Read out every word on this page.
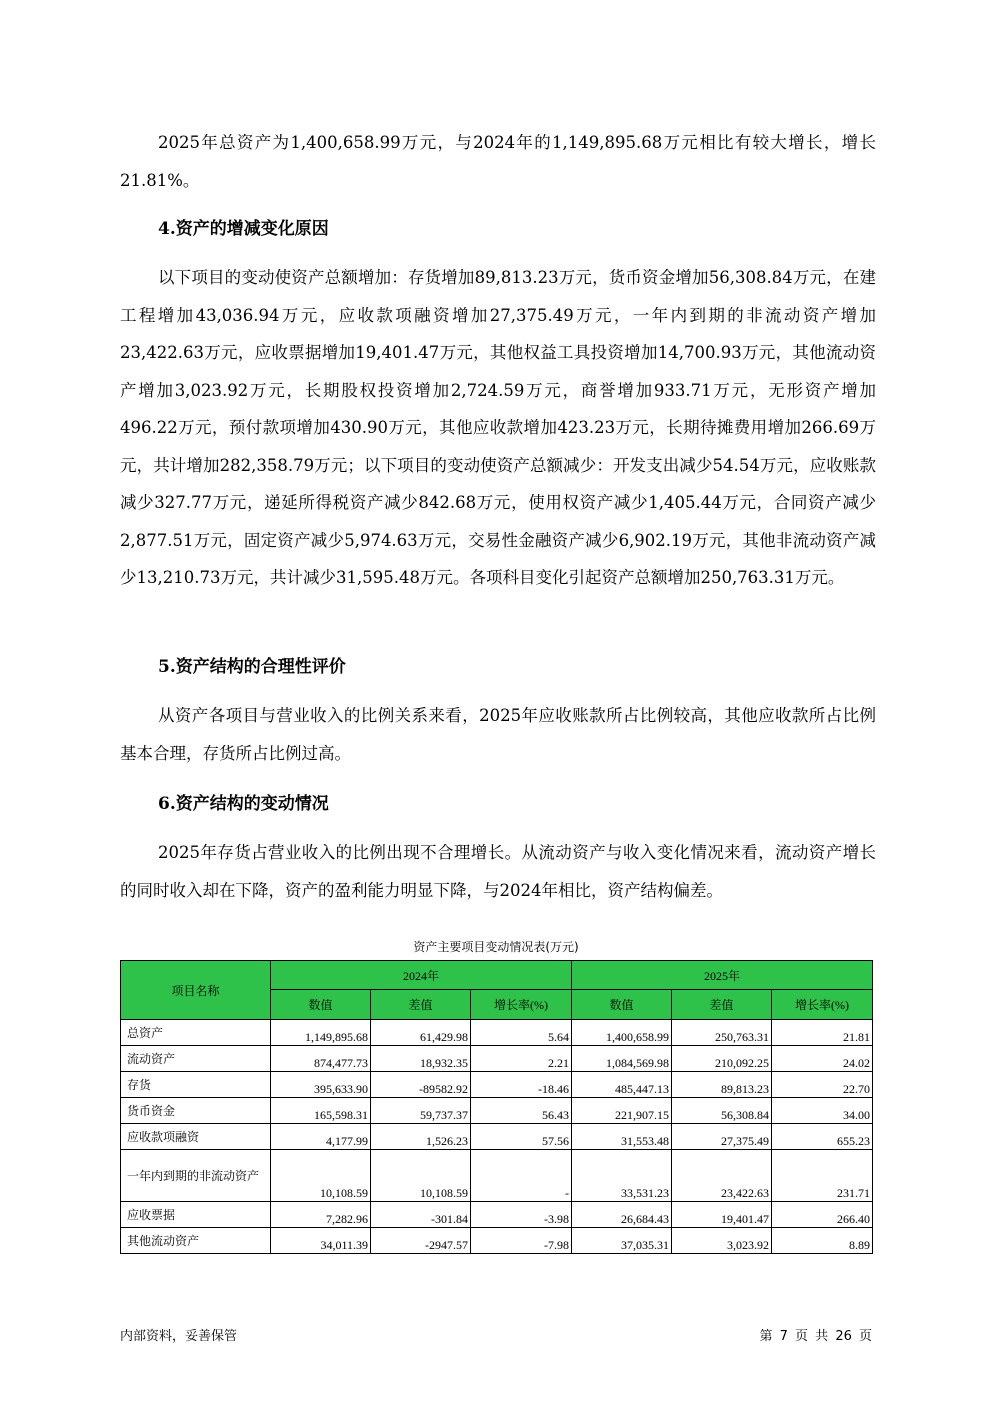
2025年总资产为1,400,658.99万元，与2024年的1,149,895.68万元相比有较大增长，增长21.81%。

4.资产的增减变化原因

以下项目的变动使资产总额增加：存货增加89,813.23万元，货币资金增加56,308.84万元，在建工程增加43,036.94万元，应收款项融资增加27,375.49万元，一年内到期的非流动资产增加23,422.63万元，应收票据增加19,401.47万元，其他权益工具投资增加14,700.93万元，其他流动资产增加3,023.92万元，长期股权投资增加2,724.59万元，商誉增加933.71万元，无形资产增加496.22万元，预付款项增加430.90万元，其他应收款增加423.23万元，长期待摊费用增加266.69万元，共计增加282,358.79万元；以下项目的变动使资产总额减少：开发支出减少54.54万元，应收账款减少327.77万元，递延所得税资产减少842.68万元，使用权资产减少1,405.44万元，合同资产减少2,877.51万元，固定资产减少5,974.63万元，交易性金融资产减少6,902.19万元，其他非流动资产减少13,210.73万元，共计减少31,595.48万元。各项科目变化引起资产总额增加250,763.31万元。

5.资产结构的合理性评价

从资产各项目与营业收入的比例关系来看，2025年应收账款所占比例较高，其他应收款所占比例基本合理，存货所占比例过高。

6.资产结构的变动情况

2025年存货占营业收入的比例出现不合理增长。从流动资产与收入变化情况来看，流动资产增长的同时收入却在下降，资产的盈利能力明显下降，与2024年相比，资产结构偏差。

资产主要项目变动情况表(万元)
项目名称	2024年			2025年		
	数值	差值	增长率(%)	数值	差值	增长率(%)
总资产	1,149,895.68	61,429.98	5.64	1,400,658.99	250,763.31	21.81
流动资产	874,477.73	18,932.35	2.21	1,084,569.98	210,092.25	24.02
存货	395,633.90	-89582.92	-18.46	485,447.13	89,813.23	22.70
货币资金	165,598.31	59,737.37	56.43	221,907.15	56,308.84	34.00
应收款项融资	4,177.99	1,526.23	57.56	31,553.48	27,375.49	655.23
一年内到期的非流动资产	10,108.59	10,108.59	-	33,531.23	23,422.63	231.71
应收票据	7,282.96	-301.84	-3.98	26,684.43	19,401.47	266.40
其他流动资产	34,011.39	-2947.57	-7.98	37,035.31	3,023.92	8.89
内部资料，妥善保管	第 7 页 共 26 页
